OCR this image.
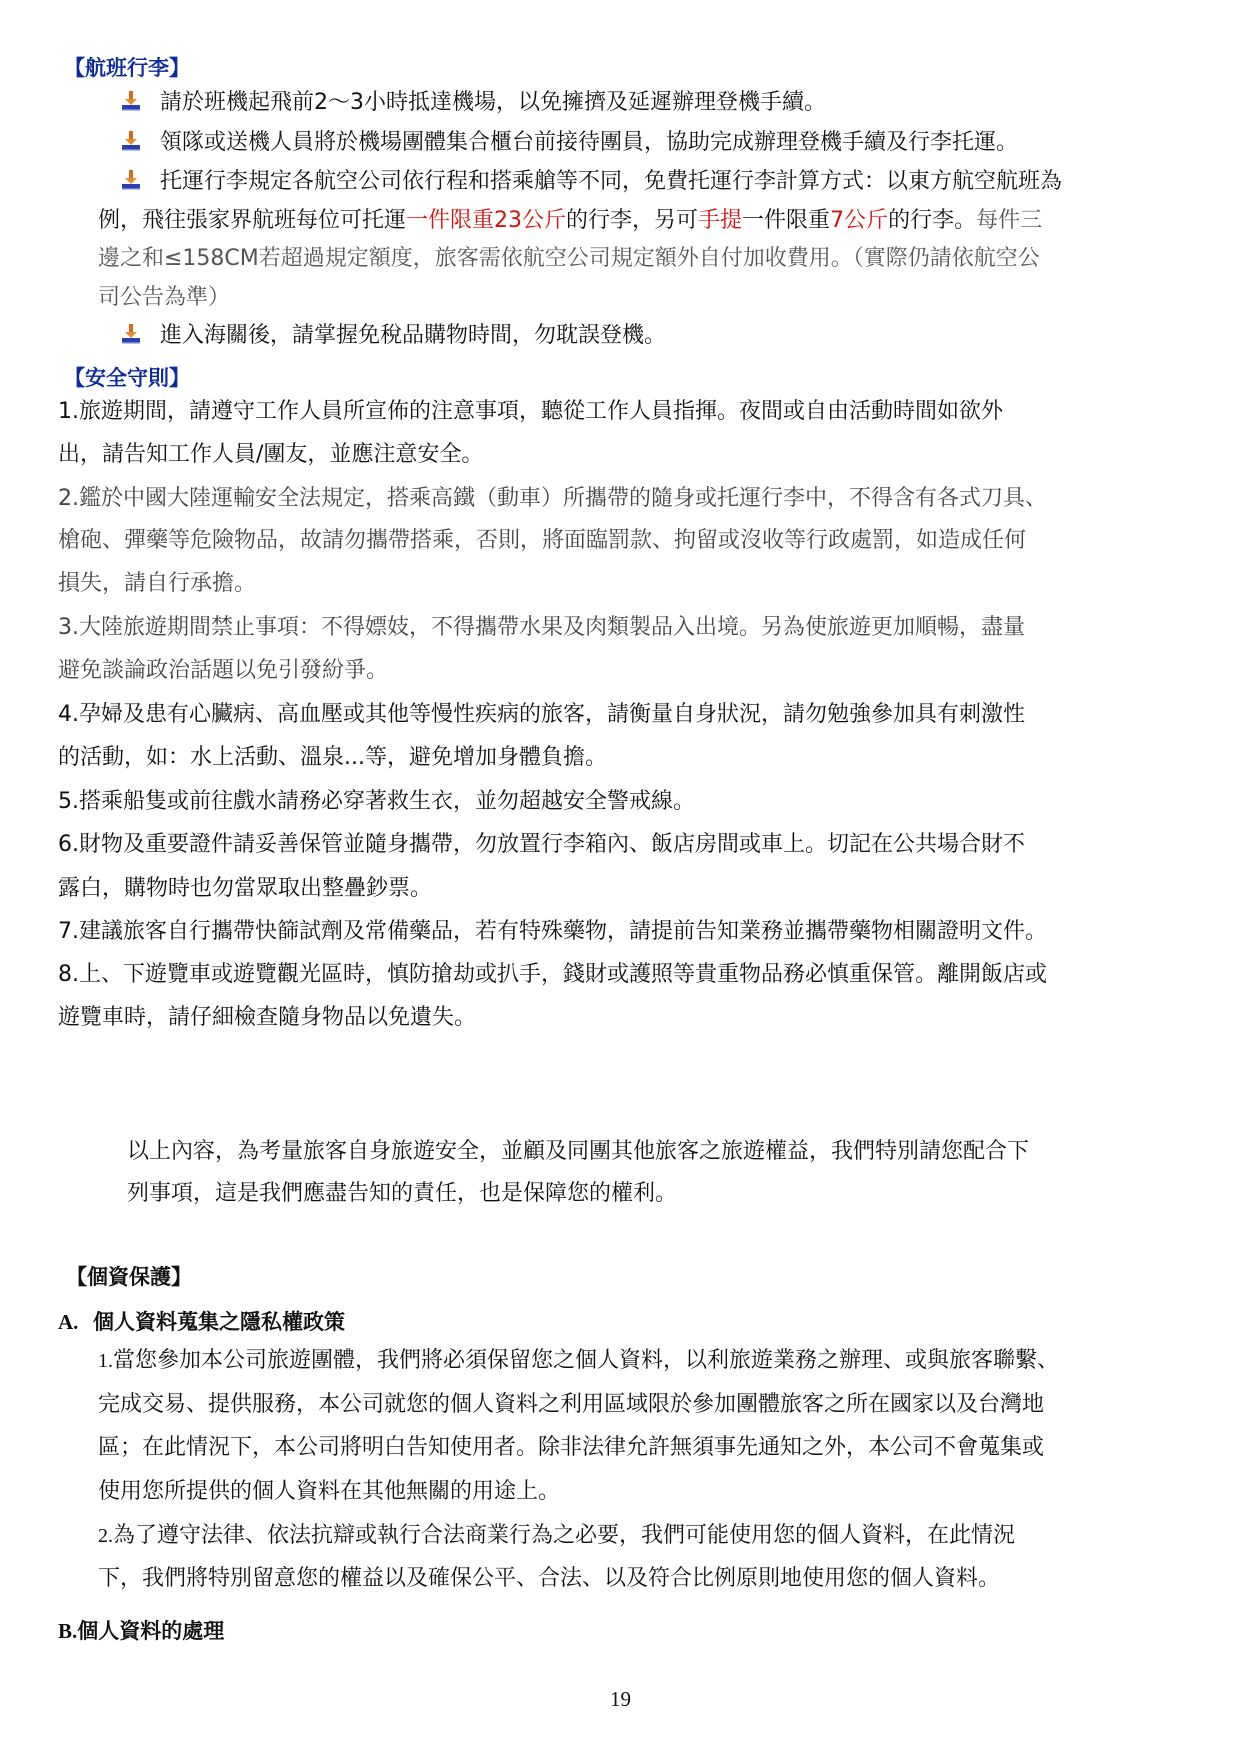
【航班行李】
請於班機起飛前2～3小時抵達機場，以免擁擠及延遲辦理登機手續。
領隊或送機人員將於機場團體集合櫃台前接待團員，協助完成辦理登機手續及行李托運。
托運行李規定各航空公司依行程和搭乘艙等不同，免費托運行李計算方式：以東方航空航班為
例，飛往張家界航班每位可托運一件限重23公斤的行李，另可手提一件限重7公斤的行李。每件三
邊之和≤158CM若超過規定額度，旅客需依航空公司規定額外自付加收費用。（實際仍請依航空公
司公告為準）
進入海關後，請掌握免稅品購物時間，勿耽誤登機。
【安全守則】
1.旅遊期間，請遵守工作人員所宣佈的注意事項，聽從工作人員指揮。夜間或自由活動時間如欲外
出，請告知工作人員/團友，並應注意安全。
2.鑑於中國大陸運輸安全法規定，搭乘高鐵（動車）所攜帶的隨身或托運行李中，不得含有各式刀具、
槍砲、彈藥等危險物品，故請勿攜帶搭乘，否則，將面臨罰款、拘留或沒收等行政處罰，如造成任何
損失，請自行承擔。
3.大陸旅遊期間禁止事項：不得嫖妓，不得攜帶水果及肉類製品入出境。另為使旅遊更加順暢，盡量
避免談論政治話題以免引發紛爭。
4.孕婦及患有心臟病、高血壓或其他等慢性疾病的旅客，請衡量自身狀況，請勿勉強參加具有刺激性
的活動，如：水上活動、溫泉...等，避免增加身體負擔。
5.搭乘船隻或前往戲水請務必穿著救生衣，並勿超越安全警戒線。
6.財物及重要證件請妥善保管並隨身攜帶，勿放置行李箱內、飯店房間或車上。切記在公共場合財不
露白，購物時也勿當眾取出整疊鈔票。
7.建議旅客自行攜帶快篩試劑及常備藥品，若有特殊藥物，請提前告知業務並攜帶藥物相關證明文件。
8.上、下遊覽車或遊覽觀光區時，慎防搶劫或扒手，錢財或護照等貴重物品務必慎重保管。離開飯店或
遊覽車時，請仔細檢查隨身物品以免遺失。
以上內容，為考量旅客自身旅遊安全，並顧及同團其他旅客之旅遊權益，我們特別請您配合下
列事項，這是我們應盡告知的責任，也是保障您的權利。
【個資保護】
A. 個人資料蒐集之隱私權政策
1.當您參加本公司旅遊團體，我們將必須保留您之個人資料，以利旅遊業務之辦理、或與旅客聯繫、
完成交易、提供服務，本公司就您的個人資料之利用區域限於參加團體旅客之所在國家以及台灣地
區；在此情況下，本公司將明白告知使用者。除非法律允許無須事先通知之外，本公司不會蒐集或
使用您所提供的個人資料在其他無關的用途上。
2.為了遵守法律、依法抗辯或執行合法商業行為之必要，我們可能使用您的個人資料，在此情況
下，我們將特別留意您的權益以及確保公平、合法、以及符合比例原則地使用您的個人資料。
B.個人資料的處理
19
